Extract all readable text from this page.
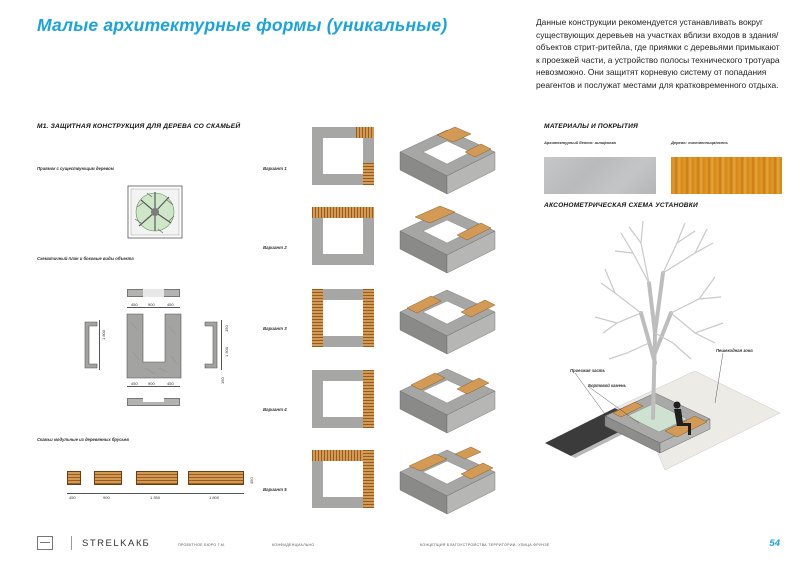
Малые архитектурные формы (уникальные)	Данные конструкции рекомендуется устанавливать вокруг существующих деревьев на участках вблизи входов в здания/объектов стрит-ритейла, где приямки с деревьями примыкают к проезжей части, а устройство полосы технического тротуара невозможно. Они защитят корневую систему от попадания реагентов и послужат местами для кратковременного отдыха.
М1. ЗАЩИТНАЯ КОНСТРУКЦИЯ ДЛЯ ДЕРЕВА СО СКАМЬЕЙ
Приямок с существующим деревом
Схематичный план и боковые виды объекта
450	900	450
1 800
1 300
150
150
450	900	450
Скамьи модульные из деревянных брусьев
450	900	1 350	1 800
450
Вариант 1
Вариант 2
Вариант 3
Вариант 4
Вариант 5
МАТЕРИАЛЫ И ПОКРЫТИЯ
Архитектурный бетон: шлифовка	Дерево: лиственница/ясень
АКСОНОМЕТРИЧЕСКАЯ СХЕМА УСТАНОВКИ
Проезжая часть
Бортовой камень
Пешеходная зона
STRELKA КБ	ПРОЕКТНОЕ БЮРО Г.М.	КОНФИДЕНЦИАЛЬНО	КОНЦЕПЦИЯ БЛАГОУСТРОЙСТВА ТЕРРИТОРИИ. УЛИЦА ФРУНЗЕ	54
